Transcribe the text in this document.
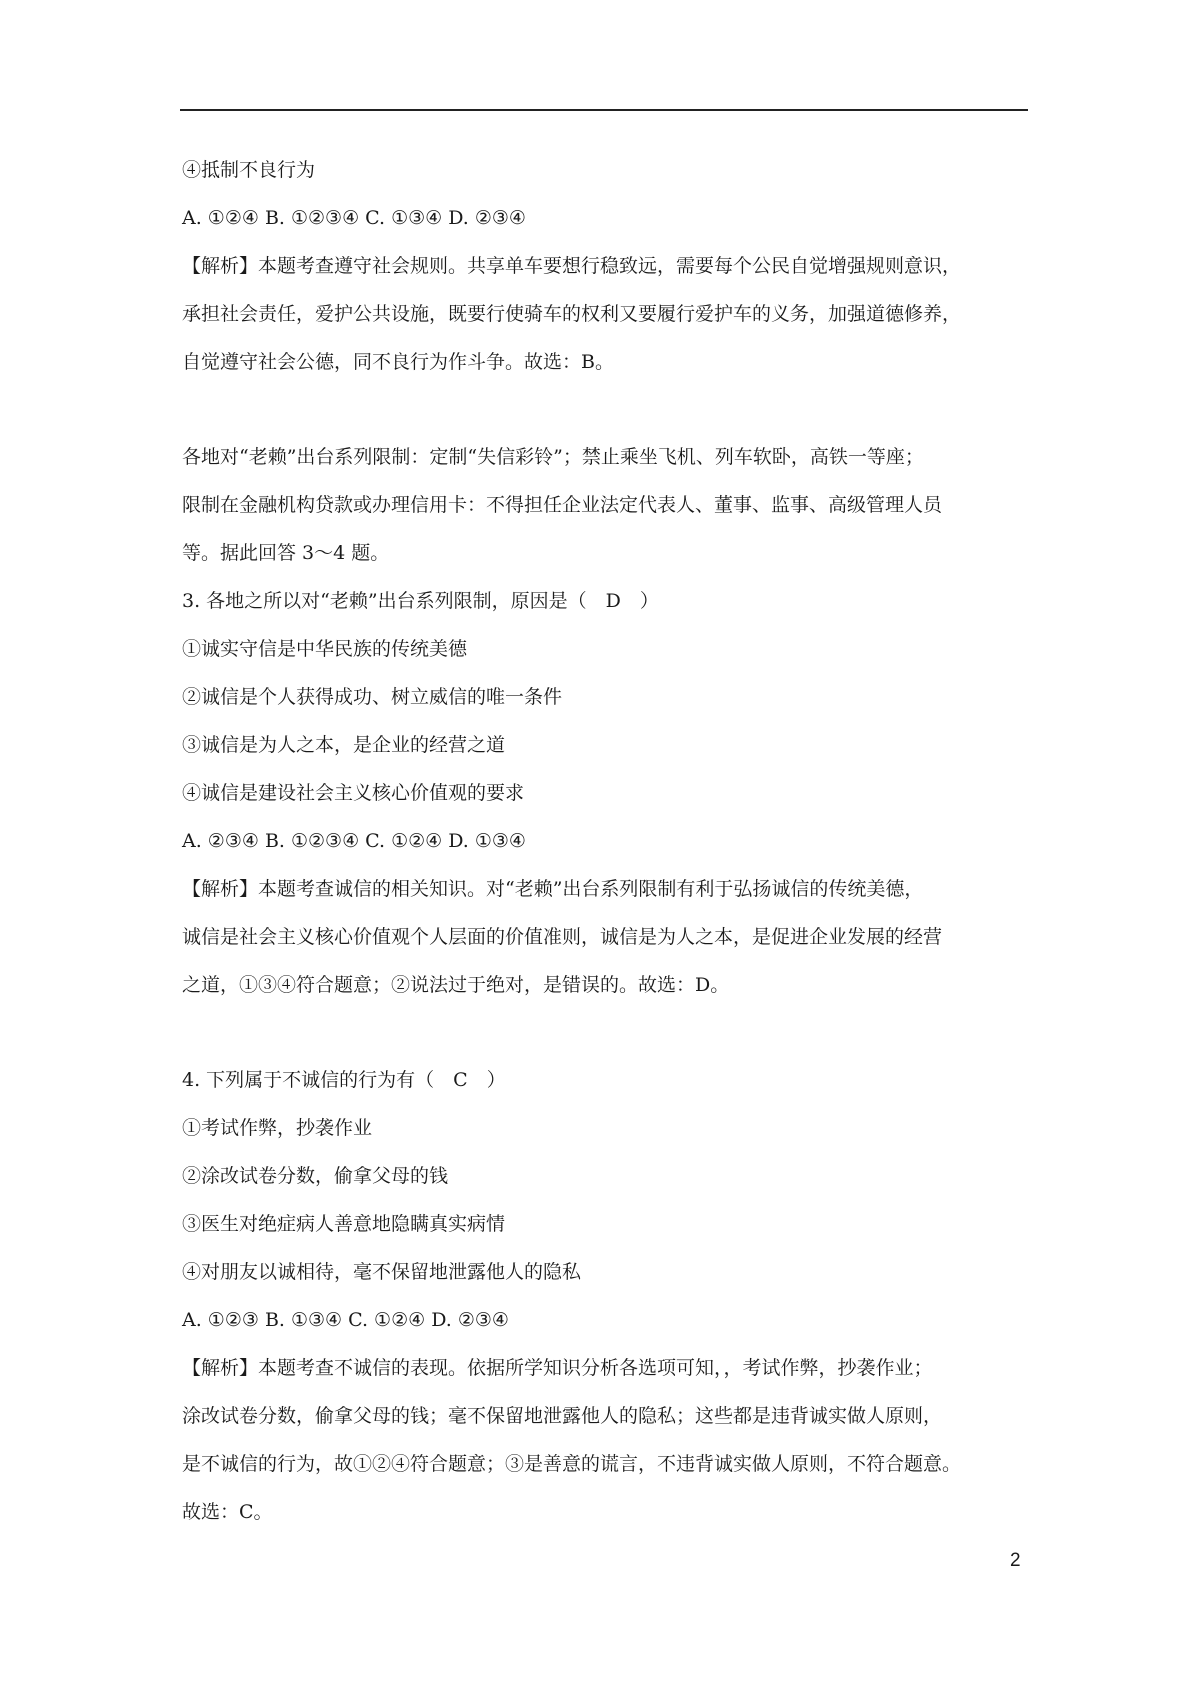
④抵制不良行为
A. ①②④ B. ①②③④ C. ①③④ D. ②③④
【解析】本题考查遵守社会规则。共享单车要想行稳致远，需要每个公民自觉增强规则意识，
承担社会责任，爱护公共设施，既要行使骑车的权利又要履行爱护车的义务，加强道德修养，
自觉遵守社会公德，同不良行为作斗争。故选：B。
各地对“老赖”出台系列限制：定制“失信彩铃”；禁止乘坐飞机、列车软卧，高铁一等座；
限制在金融机构贷款或办理信用卡：不得担任企业法定代表人、董事、监事、高级管理人员
等。据此回答 3～4 题。
3. 各地之所以对“老赖”出台系列限制，原因是（　D　）
①诚实守信是中华民族的传统美德
②诚信是个人获得成功、树立威信的唯一条件
③诚信是为人之本，是企业的经营之道
④诚信是建设社会主义核心价值观的要求
A. ②③④ B. ①②③④ C. ①②④ D. ①③④
【解析】本题考查诚信的相关知识。对“老赖”出台系列限制有利于弘扬诚信的传统美德，
诚信是社会主义核心价值观个人层面的价值准则，诚信是为人之本，是促进企业发展的经营
之道，①③④符合题意；②说法过于绝对，是错误的。故选：D。
4. 下列属于不诚信的行为有（　C　）
①考试作弊，抄袭作业
②涂改试卷分数，偷拿父母的钱
③医生对绝症病人善意地隐瞒真实病情
④对朋友以诚相待，毫不保留地泄露他人的隐私
A. ①②③ B. ①③④ C. ①②④ D. ②③④
【解析】本题考查不诚信的表现。依据所学知识分析各选项可知，，考试作弊，抄袭作业；
涂改试卷分数，偷拿父母的钱；毫不保留地泄露他人的隐私；这些都是违背诚实做人原则，
是不诚信的行为，故①②④符合题意；③是善意的谎言，不违背诚实做人原则，不符合题意。
故选：C。
2
